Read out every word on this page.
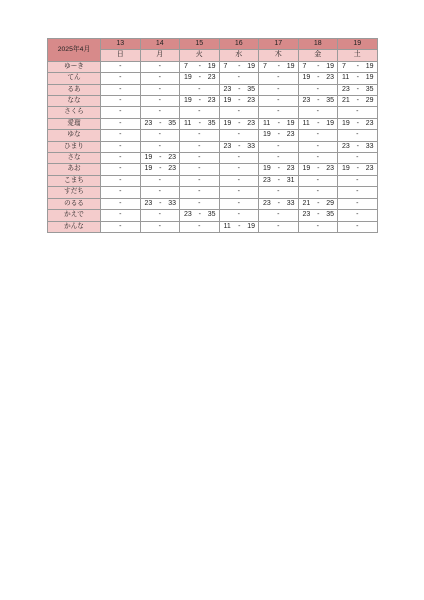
2025年4月	13	14	15	16	17	18	19
	日	月	火	水	木	金	土
ゆーき	-	-	7 - 19	7 - 19	7 - 19	7 - 19	7 - 19

てん	-	-	19 - 23	-	-	19 - 23	11 - 19

るあ	-	-	-	23 - 35	-	-	23 - 35

なな	-	-	19 - 23	19 - 23	-	23 - 35	21 - 29

さくら	-	-	-	-	-	-	-
愛瑠	-	23 - 35	11 - 35	19 - 23	11 - 19	11 - 19	19 - 23

ゆな	-	-	-	-	19 - 23	-	-
ひまり	-	-	-	23 - 33	-	-	23 - 33

さな	-	19 - 23	-	-	-	-	-
あお	-	19 - 23	-	-	19 - 23	19 - 23	19 - 23

こまち	-	-	-	-	23 - 31	-	-
すだち	-	-	-	-	-	-	-
のるる	-	23 - 33	-	-	23 - 33	21 - 29	-
かえで	-	-	23 - 35	-	-	23 - 35	-
かんな	-	-	-	11 - 19	-	-	-
